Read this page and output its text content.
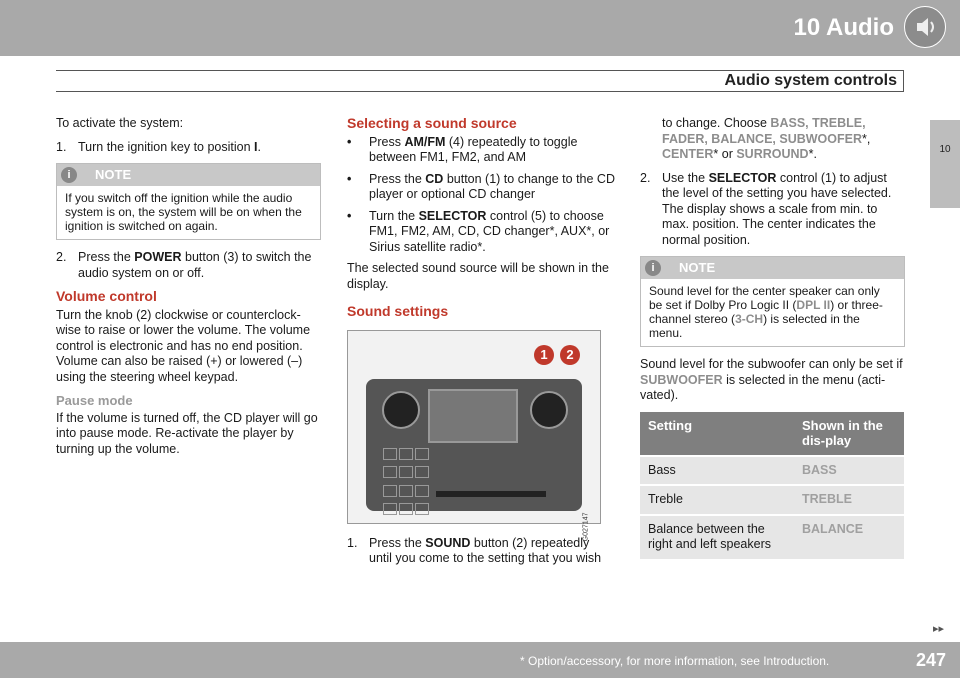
10 Audio
Audio system controls
10

To activate the system:

1. Turn the ignition key to position I.
i	NOTE
If you switch off the ignition while the audio system is on, the system will be on when the ignition is switched on again.
2. Press the POWER button (3) to switch the audio system on or off.
Volume control

Turn the knob (2) clockwise or counterclock-wise to raise or lower the volume. The volume control is electronic and has no end position. Volume can also be raised (+) or lowered (–) using the steering wheel keypad.

Pause mode

If the volume is turned off, the CD player will go into pause mode. Re-activate the player by turning up the volume.

Selecting a sound source
•	Press AM/FM (4) repeatedly to toggle between FM1, FM2, and AM
•	Press the CD button (1) to change to the CD player or optional CD changer
•	Turn the SELECTOR control (5) to choose FM1, FM2, AM, CD, CD changer*, AUX*, or Sirius satellite radio*.

The selected sound source will be shown in the display.

Sound settings

1	2
G027147
1. Press the SOUND button (2) repeatedly until you come to the setting that you wish
to change. Choose BASS, TREBLE, FADER, BALANCE, SUBWOOFER*, CENTER* or SURROUND*.
2. Use the SELECTOR control (1) to adjust the level of the setting you have selected. The display shows a scale from min. to max. position. The center indicates the normal position.
i	NOTE
Sound level for the center speaker can only be set if Dolby Pro Logic II (DPL II) or three-channel stereo (3-CH) is selected in the menu.

Sound level for the subwoofer can only be set if SUBWOOFER is selected in the menu (acti-vated).

Setting	Shown in the dis-play
Bass	BASS
Treble	TREBLE
Balance between the right and left speakers	BALANCE
▸▸
* Option/accessory, for more information, see Introduction.	247
